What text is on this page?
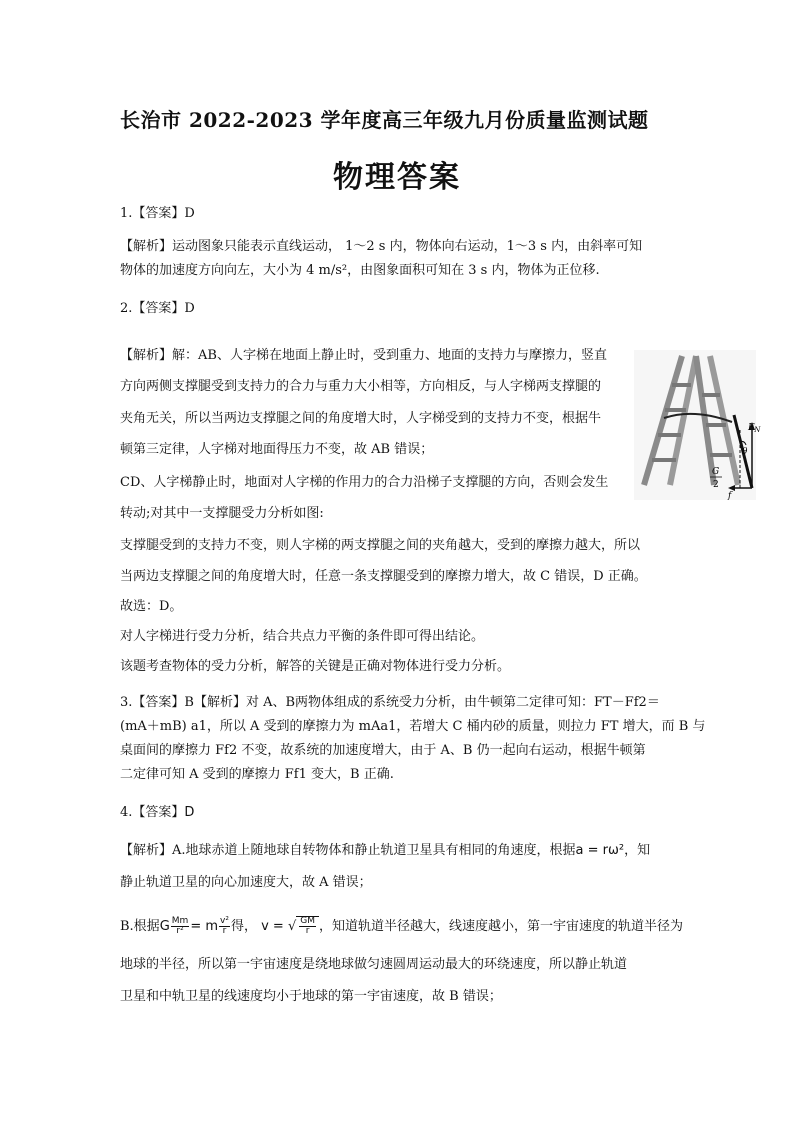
长治市 2022-2023 学年度高三年级九月份质量监测试题
物理答案
1.【答案】D
【解析】运动图象只能表示直线运动， 1～2 s 内，物体向右运动，1～3 s 内，由斜率可知
物体的加速度方向向左，大小为 4 m/s²，由图象面积可知在 3 s 内，物体为正位移.
2.【答案】D
【解析】解：AB、人字梯在地面上静止时，受到重力、地面的支持力与摩擦力，竖直
方向两侧支撑腿受到支持力的合力与重力大小相等，方向相反，与人字梯两支撑腿的
夹角无关，所以当两边支撑腿之间的角度增大时，人字梯受到的支持力不变，根据牛
顿第三定律，人字梯对地面得压力不变，故 AB 错误；
CD、人字梯静止时，地面对人字梯的作用力的合力沿梯子支撑腿的方向，否则会发生
转动;对其中一支撑腿受力分析如图:
支撑腿受到的支持力不变，则人字梯的两支撑腿之间的夹角越大，受到的摩擦力越大，所以
当两边支撑腿之间的角度增大时，任意一条支撑腿受到的摩擦力增大，故 C 错误，D 正确。
故选：D。
对人字梯进行受力分析，结合共点力平衡的条件即可得出结论。
该题考查物体的受力分析，解答的关键是正确对物体进行受力分析。
$F_N$
θ
G
2
f
3.【答案】B【解析】对 A、B两物体组成的系统受力分析，由牛顿第二定律可知：FT－Ff2＝
(mA＋mB) a1，所以 A 受到的摩擦力为 mAa1，若增大 C 桶内砂的质量，则拉力 FT 增大，而 B 与
桌面间的摩擦力 Ff2 不变，故系统的加速度增大，由于 A、B 仍一起向右运动，根据牛顿第
二定律可知 A 受到的摩擦力 Ff1 变大，B 正确.
4.【答案】D
【解析】A.地球赤道上随地球自转物体和静止轨道卫星具有相同的角速度，根据a = rω²，知
静止轨道卫星的向心加速度大，故 A 错误；
B.根据G $\frac{Mm}{\text{r²}} = m \frac{\text{v²}}{r}$ 得， v = √ $\frac{GM}{r}$ ，知道轨道半径越大，线速度越小，第一宇宙速度的轨道半径为
地球的半径，所以第一宇宙速度是绕地球做匀速圆周运动最大的环绕速度，所以静止轨道
卫星和中轨卫星的线速度均小于地球的第一宇宙速度，故 B 错误；
